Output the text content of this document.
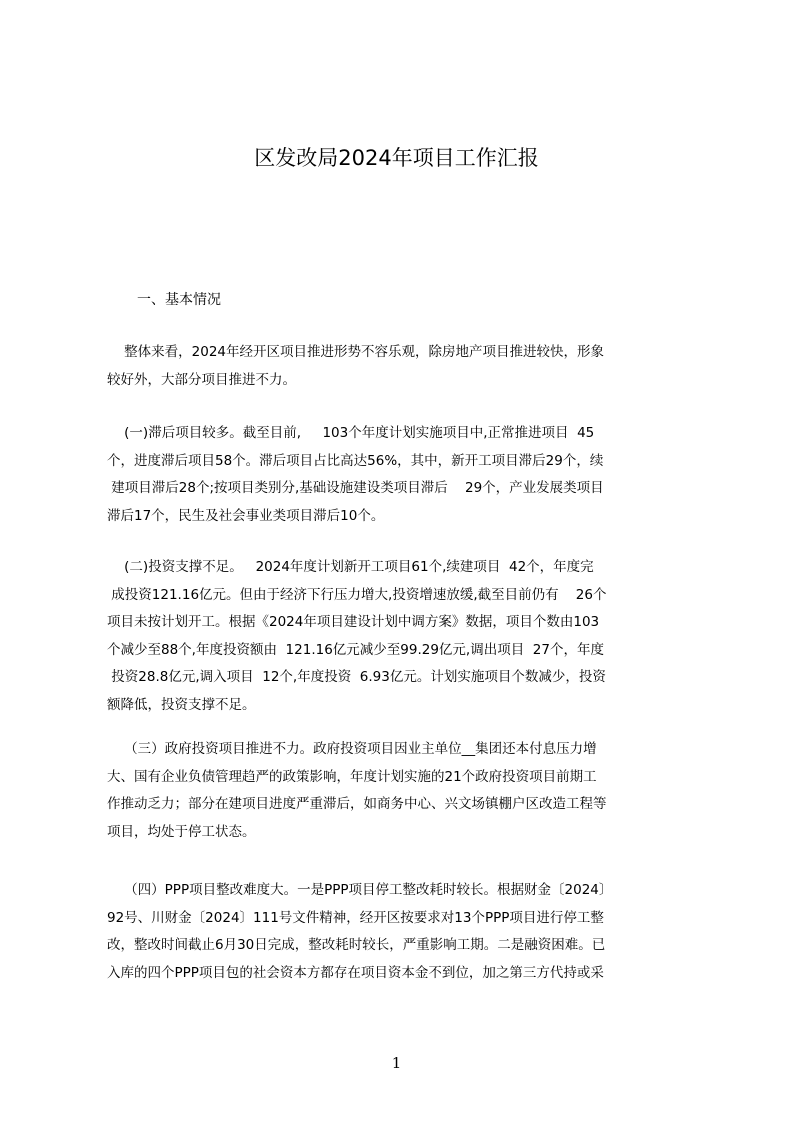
区发改局2024年项目工作汇报
一、基本情况
整体来看，2024年经开区项目推进形势不容乐观，除房地产项目推进较快，形象
较好外，大部分项目推进不力。
(一)滞后项目较多。截至目前,     103个年度计划实施项目中,正常推进项目  45
个，进度滞后项目58个。滞后项目占比高达56%，其中，新开工项目滞后29个，续
建项目滞后28个;按项目类别分,基础设施建设类项目滞后    29个，产业发展类项目
滞后17个，民生及社会事业类项目滞后10个。
(二)投资支撑不足。   2024年度计划新开工项目61个,续建项目  42个，年度完
成投资121.16亿元。但由于经济下行压力增大,投资增速放缓,截至目前仍有    26个
项目未按计划开工。根据《2024年项目建设计划中调方案》数据，项目个数由103
个减少至88个,年度投资额由  121.16亿元减少至99.29亿元,调出项目  27个，年度
投资28.8亿元,调入项目  12个,年度投资  6.93亿元。计划实施项目个数减少，投资
额降低，投资支撑不足。
（三）政府投资项目推进不力。政府投资项目因业主单位__集团还本付息压力增
大、国有企业负债管理趋严的政策影响，年度计划实施的21个政府投资项目前期工
作推动乏力；部分在建项目进度严重滞后，如商务中心、兴文场镇棚户区改造工程等
项目，均处于停工状态。
（四）PPP项目整改难度大。一是PPP项目停工整改耗时较长。根据财金〔2024〕
92号、川财金〔2024〕111号文件精神，经开区按要求对13个PPP项目进行停工整
改，整改时间截止6月30日完成，整改耗时较长，严重影响工期。二是融资困难。已
入库的四个PPP项目包的社会资本方都存在项目资本金不到位，加之第三方代持或采
1
